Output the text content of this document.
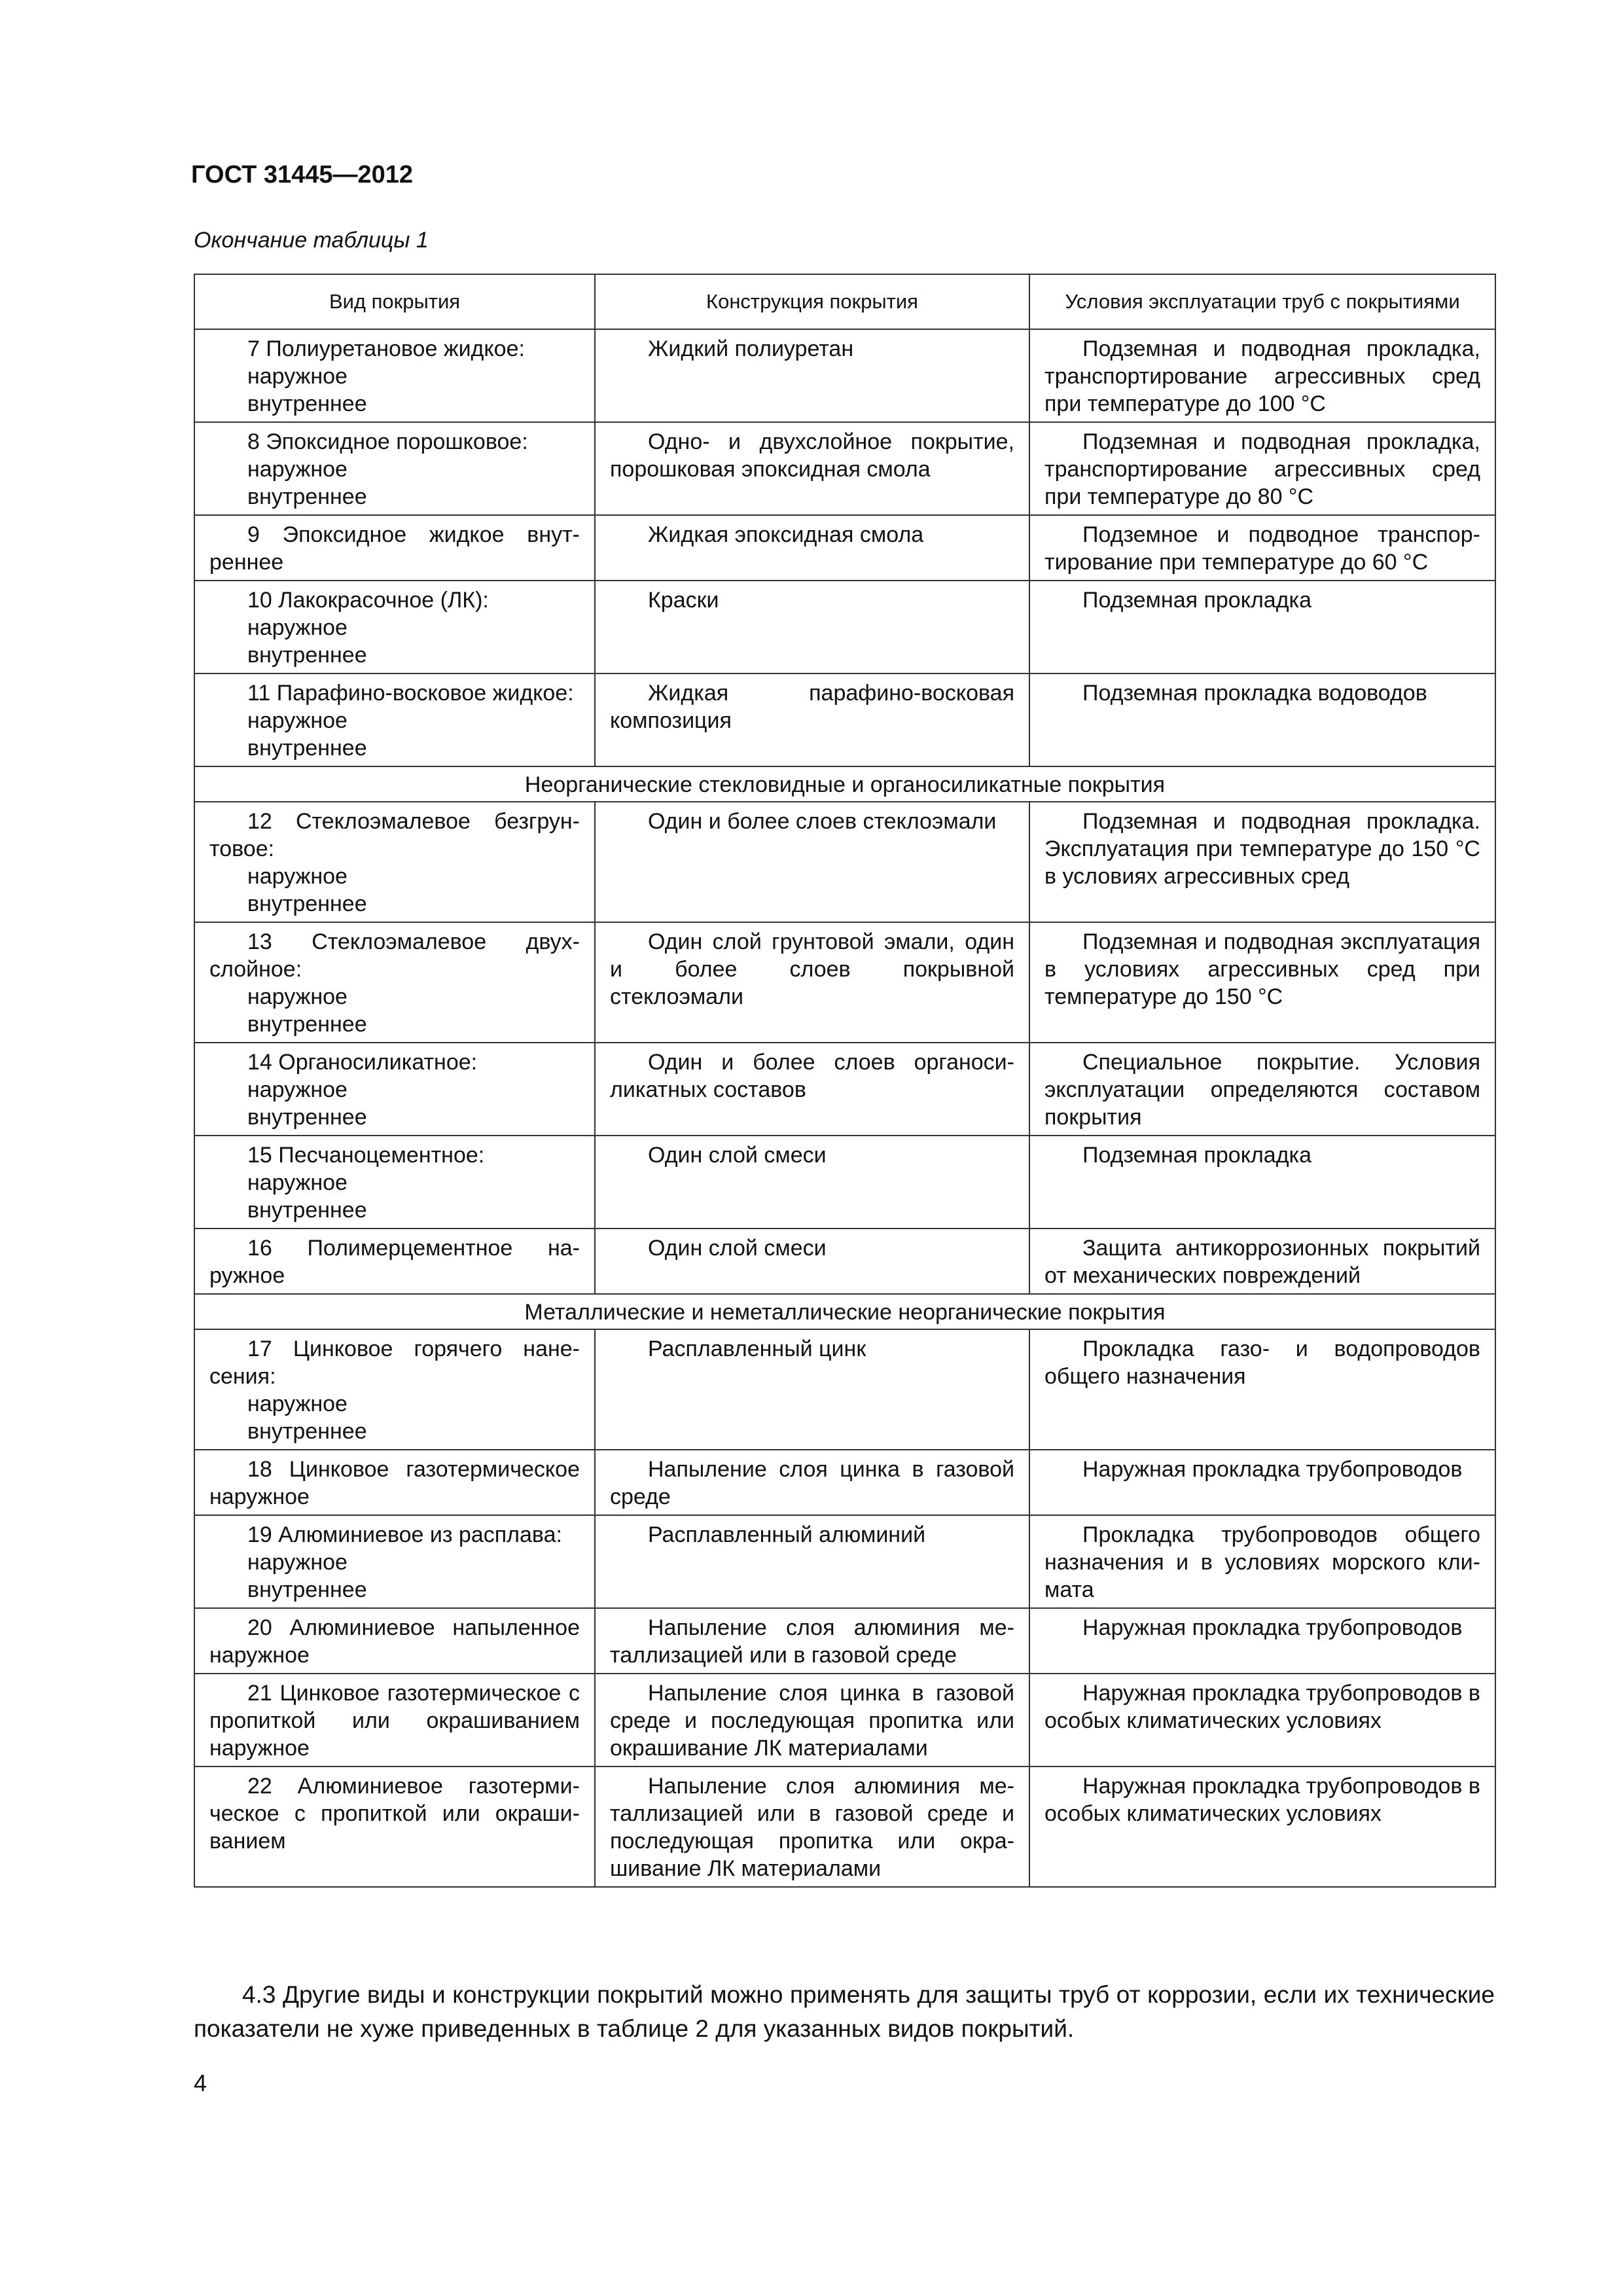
ГОСТ 31445—2012
Окончание таблицы 1
Вид покрытия	Конструкция покрытия	Условия эксплуатации труб с покрытиями

7 Полиуретановое жидкое:
наружное
внутреннее	Жидкий полиуретан	Подземная и подводная прокладка, транспортирование агрессивных сред при температуре до 100 °С

8 Эпоксидное порошковое:
наружное
внутреннее	Одно- и двухслойное покрытие, порошковая эпоксидная смола	Подземная и подводная прокладка, транспортирование агрессивных сред при температуре до 80 °С

9 Эпоксидное жидкое внутреннее	Жидкая эпоксидная смола	Подземное и подводное транспортирование при температуре до 60 °С

10 Лакокрасочное (ЛК):
наружное
внутреннее	Краски	Подземная прокладка

11 Парафино-восковое жидкое:
наружное
внутреннее	Жидкая парафино-восковая композиция	Подземная прокладка водоводов

Неорганические стекловидные и органосиликатные покрытия		

12 Стеклоэмалевое безгрунтовое:
наружное
внутреннее	Один и более слоев стеклоэмали	Подземная и подводная прокладка. Эксплуатация при температуре до 150 °С в условиях агрессивных сред

13 Стеклоэмалевое двухслойное:
наружное
внутреннее	Один слой грунтовой эмали, один и более слоев покрывной стеклоэмали	Подземная и подводная эксплуатация в условиях агрессивных сред при температуре до 150 °С

14 Органосиликатное:
наружное
внутреннее	Один и более слоев органосиликатных составов	Специальное покрытие. Условия эксплуатации определяются составом покрытия

15 Песчаноцементное:
наружное
внутреннее	Один слой смеси	Подземная прокладка

16 Полимерцементное наружное	Один слой смеси	Защита антикоррозионных покрытий от механических повреждений

Металлические и неметаллические неорганические покрытия		

17 Цинковое горячего нанесения:
наружное
внутреннее	Расплавленный цинк	Прокладка газо- и водопроводов общего назначения

18 Цинковое газотермическое наружное	Напыление слоя цинка в газовой среде	Наружная прокладка трубопроводов

19 Алюминиевое из расплава:
наружное
внутреннее	Расплавленный алюминий	Прокладка трубопроводов общего назначения и в условиях морского климата

20 Алюминиевое напыленное наружное	Напыление слоя алюминия металлизацией или в газовой среде	Наружная прокладка трубопроводов

21 Цинковое газотермическое с пропиткой или окрашиванием наружное	Напыление слоя цинка в газовой среде и последующая пропитка или окрашивание ЛК материалами	Наружная прокладка трубопроводов в особых климатических условиях

22 Алюминиевое газотермическое с пропиткой или окрашиванием	Напыление слоя алюминия металлизацией или в газовой среде и последующая пропитка или окрашивание ЛК материалами	Наружная прокладка трубопроводов в особых климатических условиях
4.3 Другие виды и конструкции покрытий можно применять для защиты труб от коррозии, если их технические показатели не хуже приведенных в таблице 2 для указанных видов покрытий.
4
